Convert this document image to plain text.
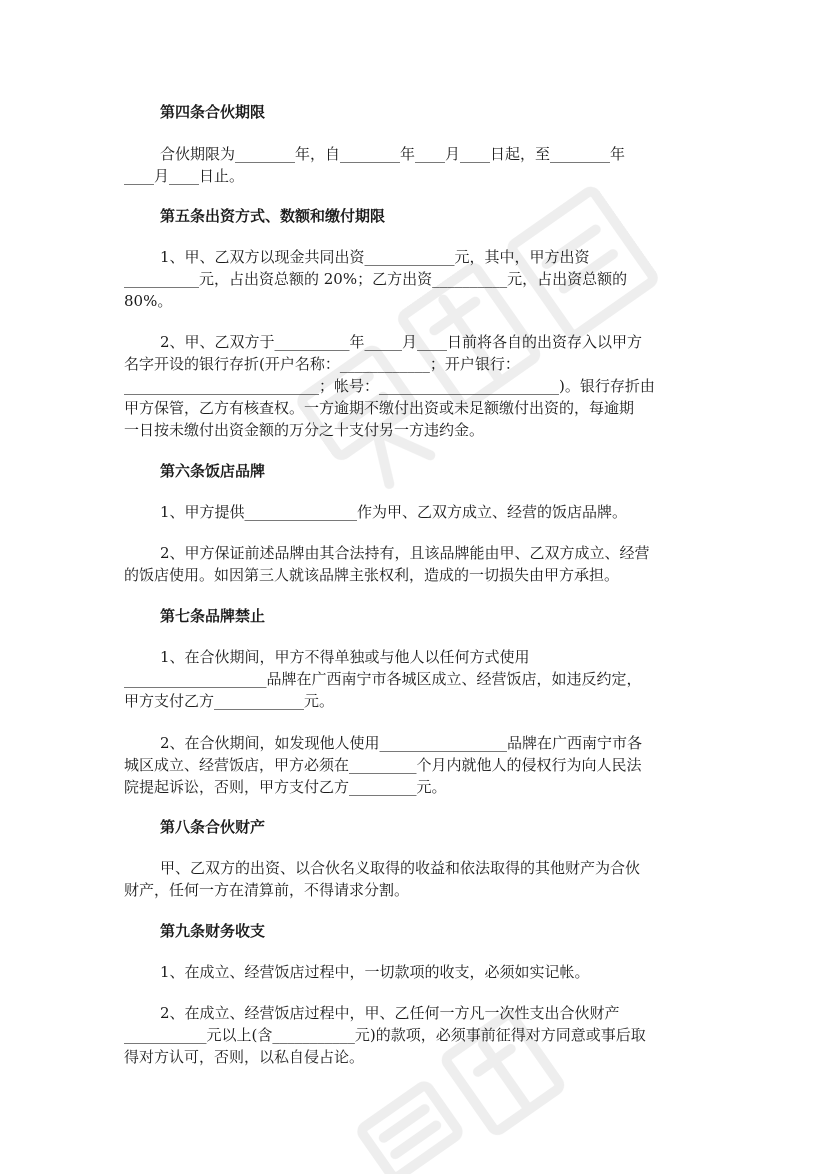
第四条合伙期限

合伙期限为________年，自________年____月____日起，至________年

____月____日止。

第五条出资方式、数额和缴付期限

1、甲、乙双方以现金共同出资____________元，其中，甲方出资

__________元，占出资总额的 20%；乙方出资__________元，占出资总额的

80%。

2、甲、乙双方于__________年_____月____日前将各自的出资存入以甲方

名字开设的银行存折(开户名称：____________；开户银行：

__________________________；帐号：________________________)。银行存折由

甲方保管，乙方有核查权。一方逾期不缴付出资或未足额缴付出资的，每逾期

一日按未缴付出资金额的万分之十支付另一方违约金。

第六条饭店品牌

1、甲方提供_______________作为甲、乙双方成立、经营的饭店品牌。

2、甲方保证前述品牌由其合法持有，且该品牌能由甲、乙双方成立、经营

的饭店使用。如因第三人就该品牌主张权利，造成的一切损失由甲方承担。

第七条品牌禁止

1、在合伙期间，甲方不得单独或与他人以任何方式使用

___________________品牌在广西南宁市各城区成立、经营饭店，如违反约定，

甲方支付乙方____________元。

2、在合伙期间，如发现他人使用_________________品牌在广西南宁市各

城区成立、经营饭店，甲方必须在_________个月内就他人的侵权行为向人民法

院提起诉讼，否则，甲方支付乙方_________元。

第八条合伙财产

甲、乙双方的出资、以合伙名义取得的收益和依法取得的其他财产为合伙

财产，任何一方在清算前，不得请求分割。

第九条财务收支

1、在成立、经营饭店过程中，一切款项的收支，必须如实记帐。

2、在成立、经营饭店过程中，甲、乙任何一方凡一次性支出合伙财产

___________元以上(含___________元)的款项，必须事前征得对方同意或事后取

得对方认可，否则，以私自侵占论。
